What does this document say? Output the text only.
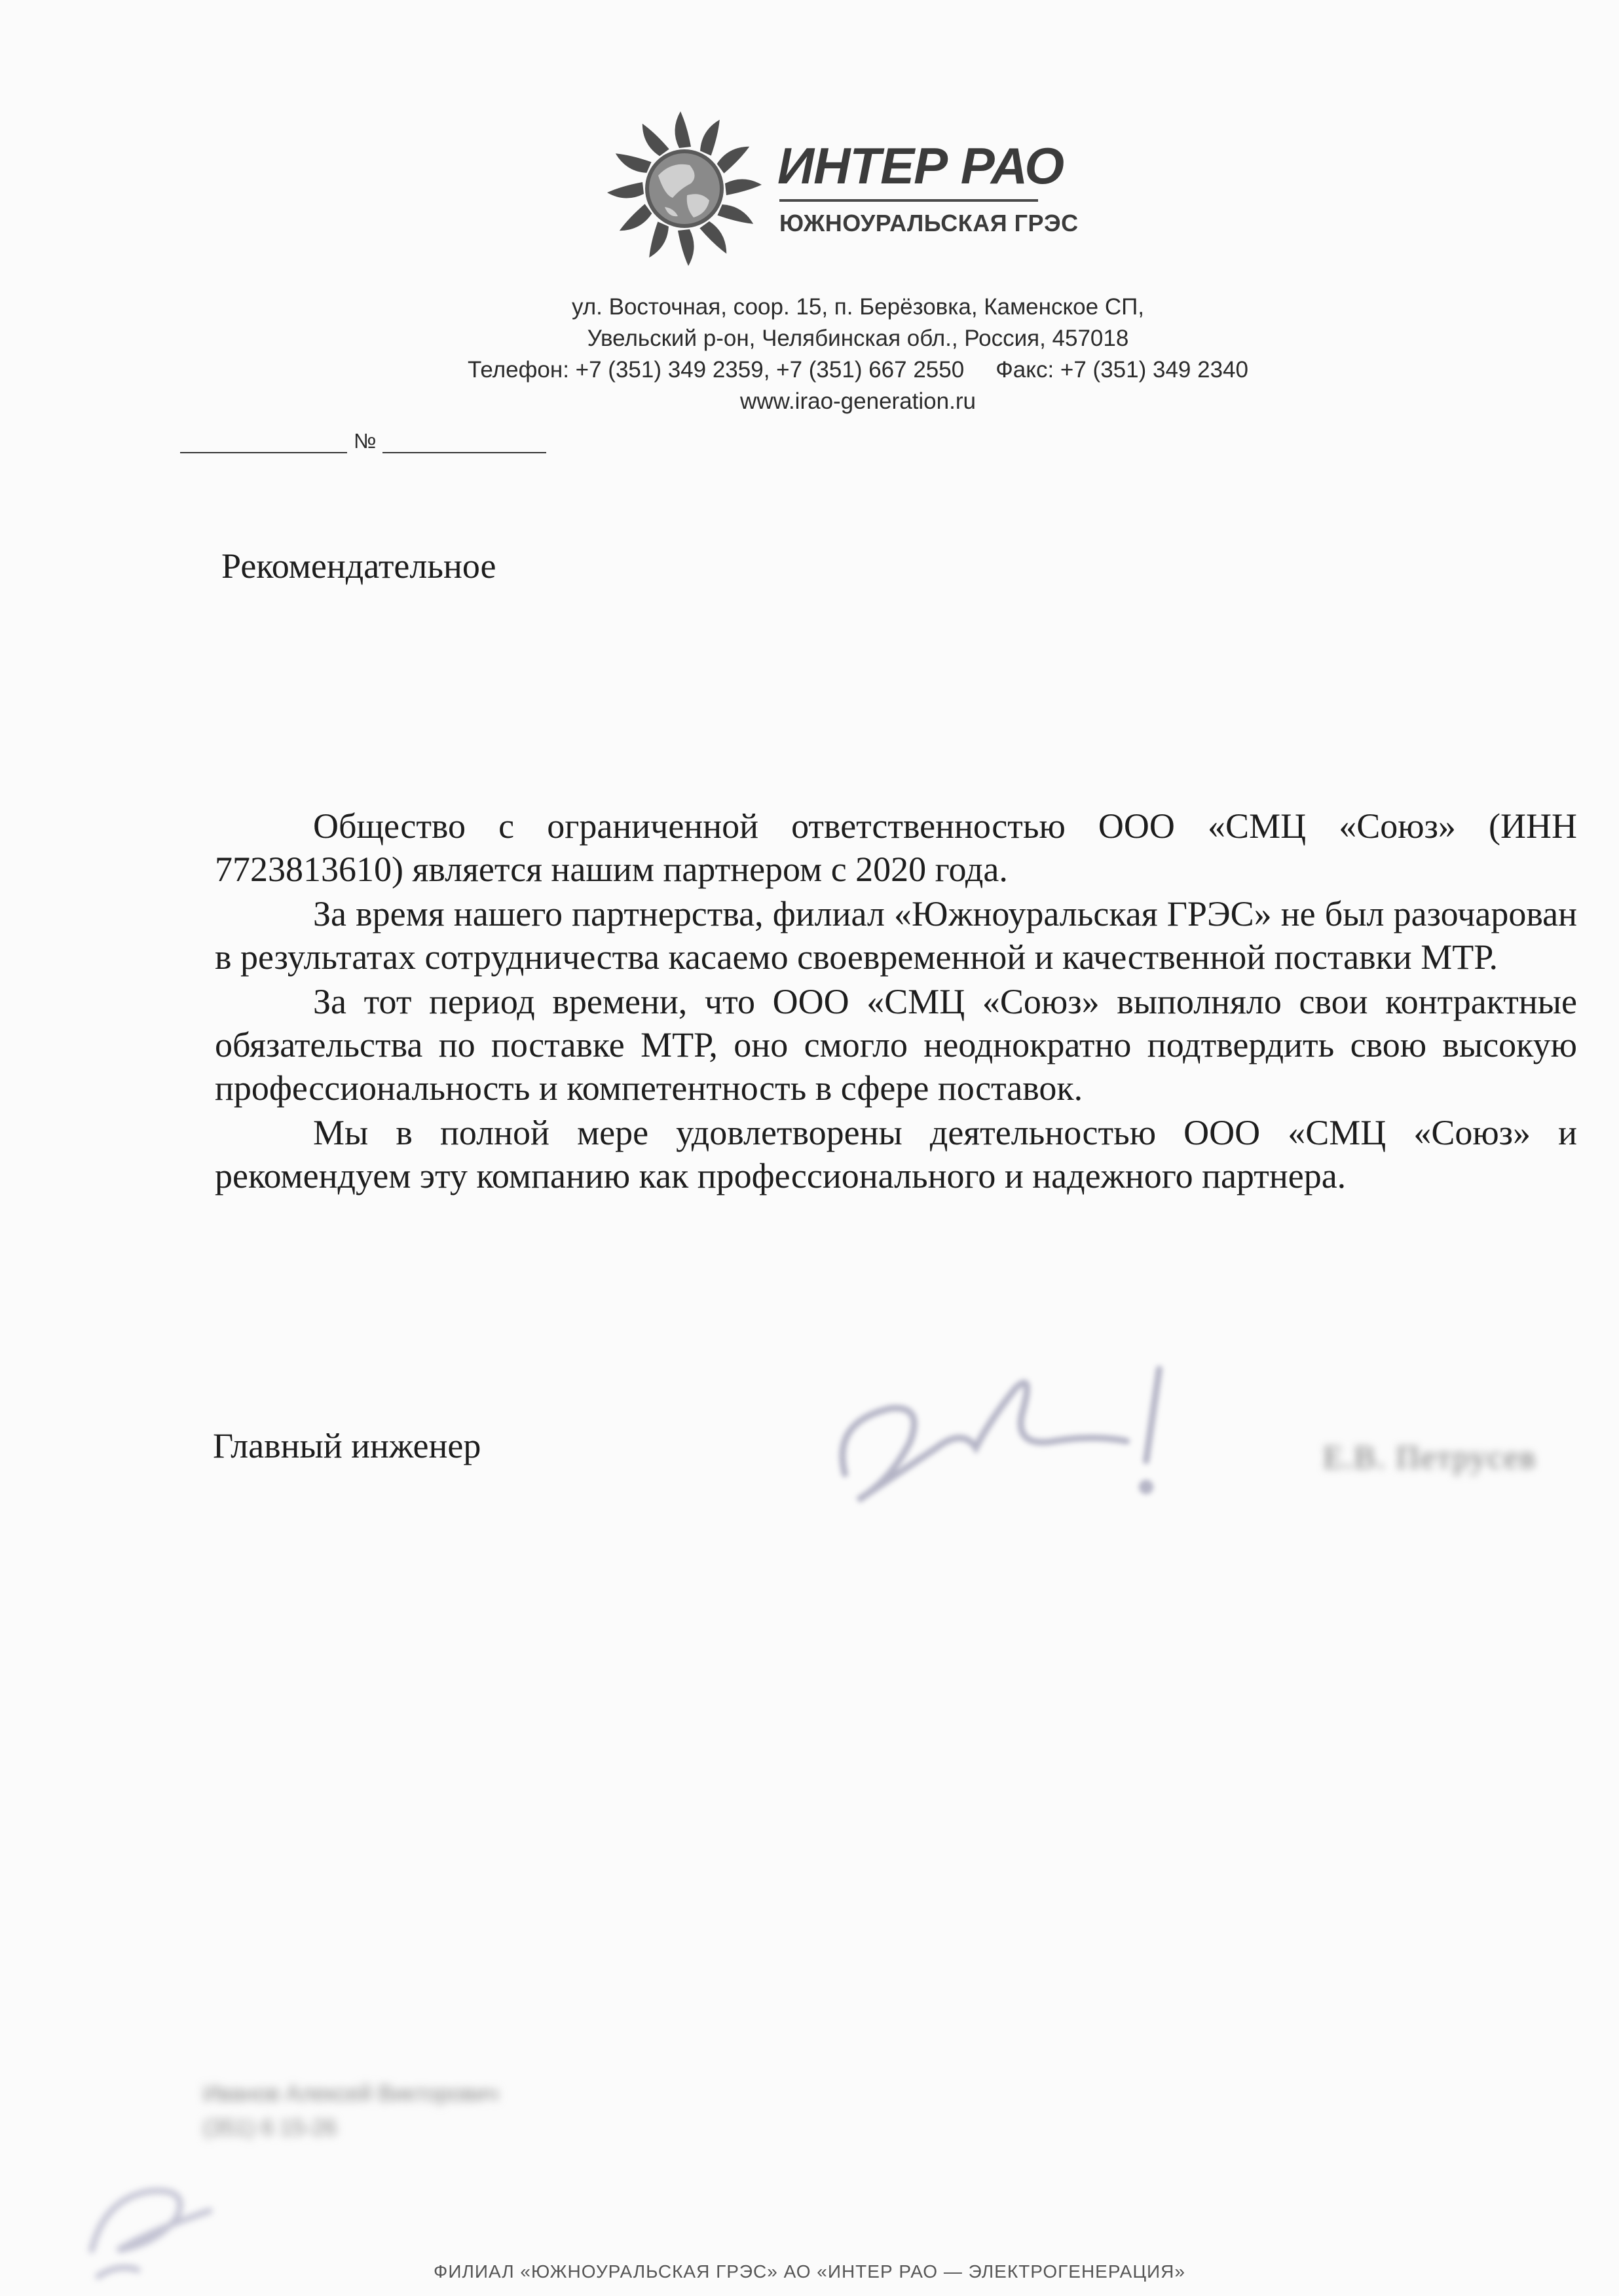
ИНТЕР РАО
ЮЖНОУРАЛЬСКАЯ ГРЭС
ул. Восточная, соор. 15, п. Берёзовка, Каменское СП,
Увельский р-он, Челябинская обл., Россия, 457018
Телефон: +7 (351) 349 2359, +7 (351) 667 2550 Факс: +7 (351) 349 2340
www.irao-generation.ru
№
Рекомендательное

Общество с ограниченной ответственностью ООО «СМЦ «Союз» (ИНН 7723813610) является нашим партнером с 2020 года.

За время нашего партнерства, филиал «Южноуральская ГРЭС» не был разочарован в результатах сотрудничества касаемо своевременной и качественной поставки МТР.

За тот период времени, что ООО «СМЦ «Союз» выполняло свои контрактные обязательства по поставке МТР, оно смогло неоднократно подтвердить свою высокую профессиональность и компетентность в сфере поставок.

Мы в полной мере удовлетворены деятельностью ООО «СМЦ «Союз» и рекомендуем эту компанию как профессионального и надежного партнера.

Главный инженер	Е.В. Петрусев
Иванов Алексей Викторович
(351) 6 15-26
ФИЛИАЛ «ЮЖНОУРАЛЬСКАЯ ГРЭС» АО «ИНТЕР РАО — ЭЛЕКТРОГЕНЕРАЦИЯ»
